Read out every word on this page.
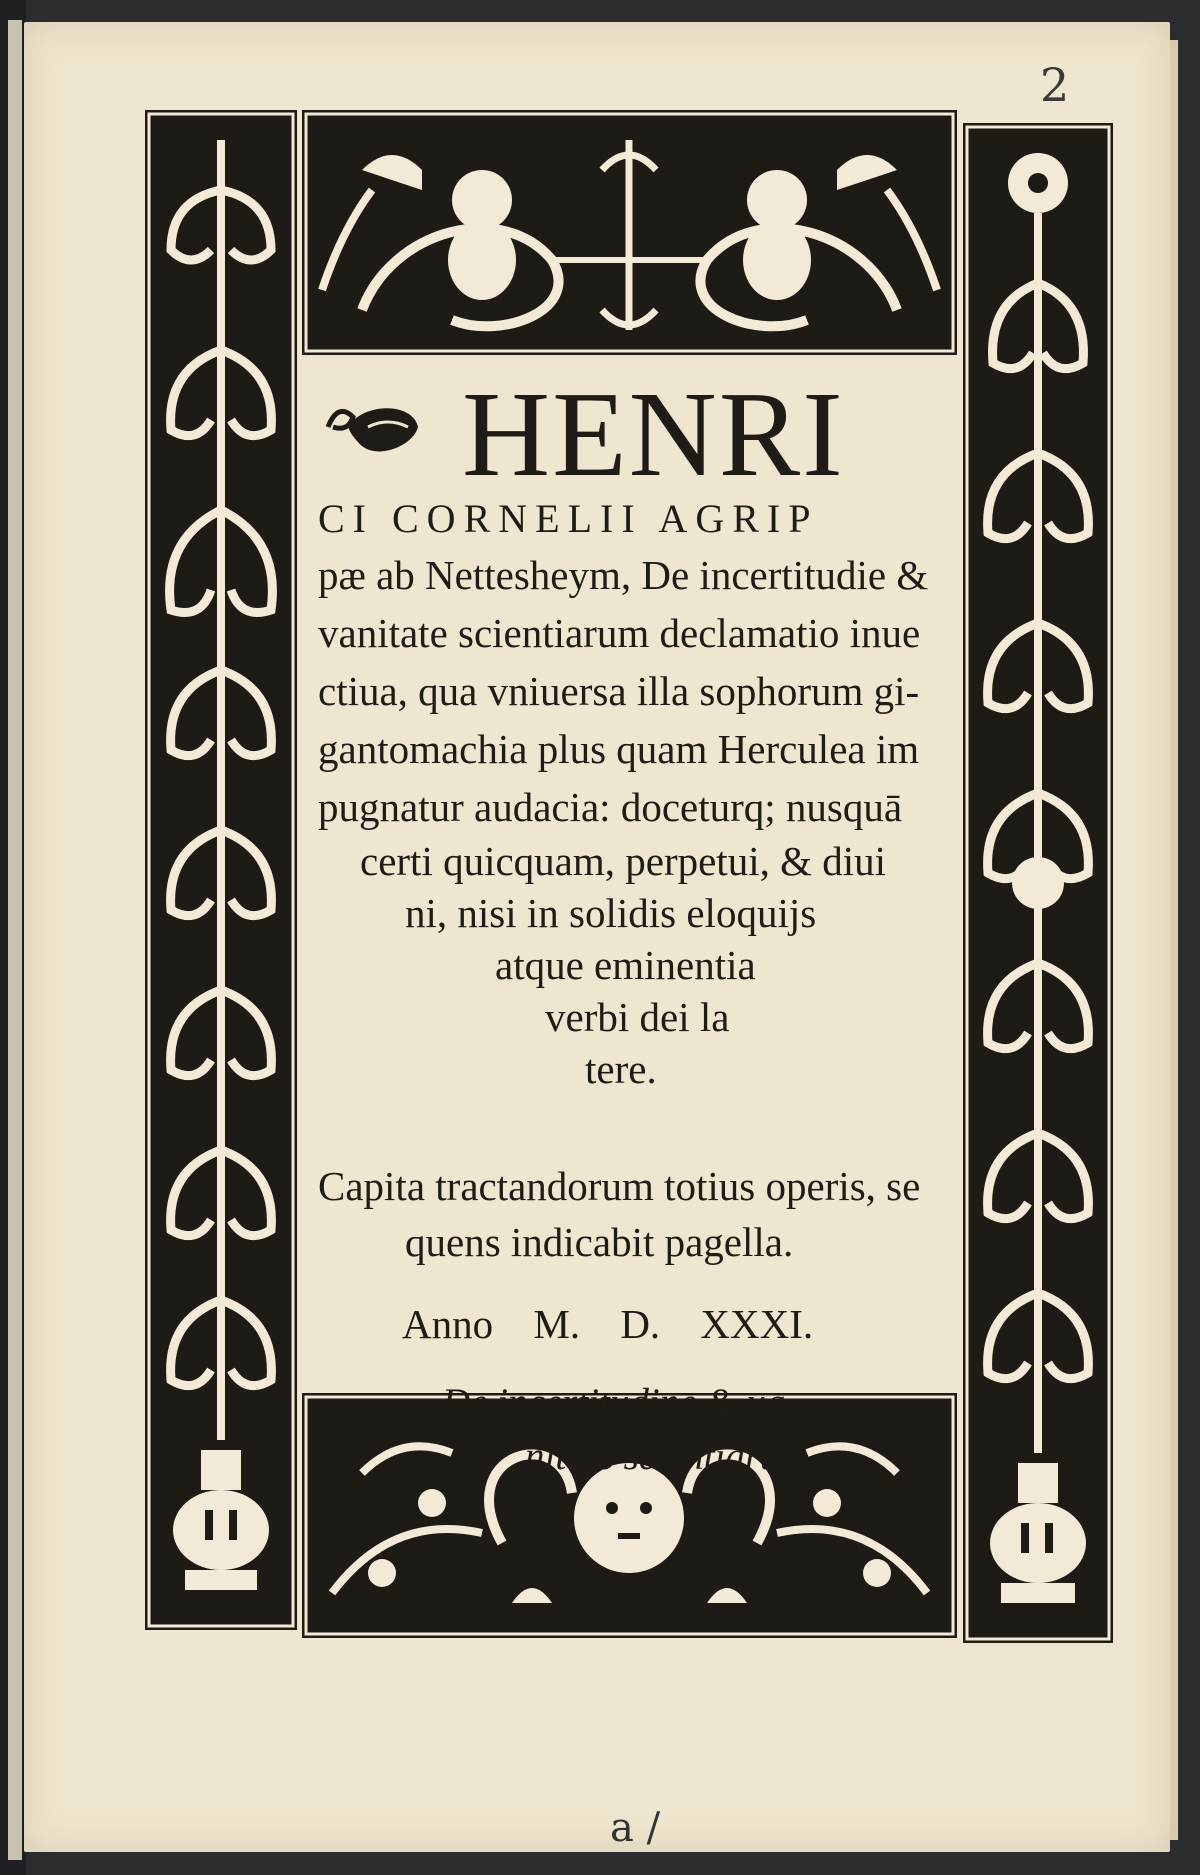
2
HENRI
CI CORNELII AGRIP
pæ ab Nettesheym, De incertitudie &
vanitate scientiarum declamatio inue
ctiua, qua vniuersa illa sophorum gi-
gantomachia plus quam Herculea im
pugnatur audacia: doceturq; nusquā
certi quicquam, perpetui, & diui
ni, nisi in solidis eloquijs
atque eminentia
verbi dei la
tere.
Capita tractandorum totius operis, se
quens indicabit pagella.
Anno M. D. XXXI.
De incertitudine & ua-
nitate scientiarum.
a /
